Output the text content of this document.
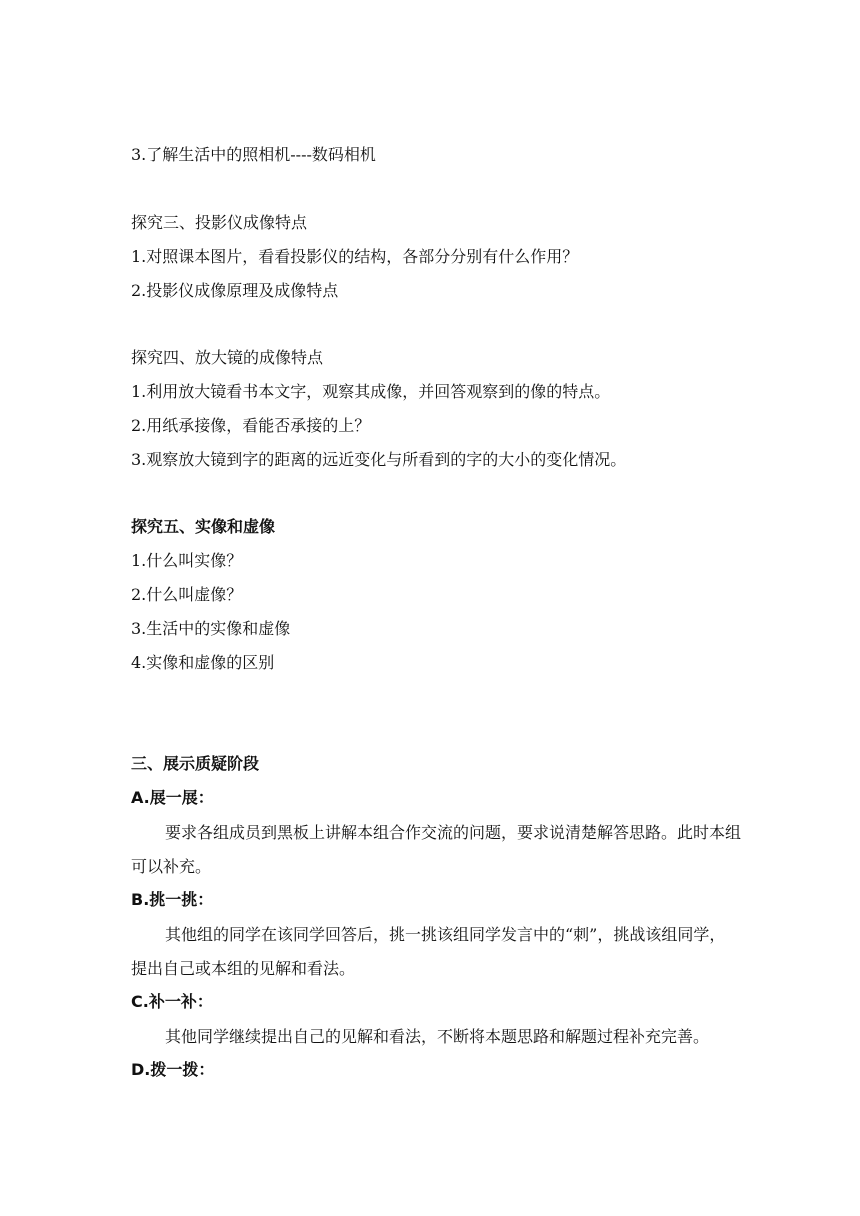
3.了解生活中的照相机----数码相机
探究三、投影仪成像特点
1.对照课本图片，看看投影仪的结构，各部分分别有什么作用？
2.投影仪成像原理及成像特点
探究四、放大镜的成像特点
1.利用放大镜看书本文字，观察其成像，并回答观察到的像的特点。
2.用纸承接像，看能否承接的上？
3.观察放大镜到字的距离的远近变化与所看到的字的大小的变化情况。
探究五、实像和虚像
1.什么叫实像？
2.什么叫虚像？
3.生活中的实像和虚像
4.实像和虚像的区别
三、展示质疑阶段
A.展一展：
要求各组成员到黑板上讲解本组合作交流的问题，要求说清楚解答思路。此时本组可以补充。
B.挑一挑：
其他组的同学在该同学回答后，挑一挑该组同学发言中的“刺”，挑战该组同学，提出自己或本组的见解和看法。
C.补一补：
其他同学继续提出自己的见解和看法，不断将本题思路和解题过程补充完善。
D.拨一拨：
